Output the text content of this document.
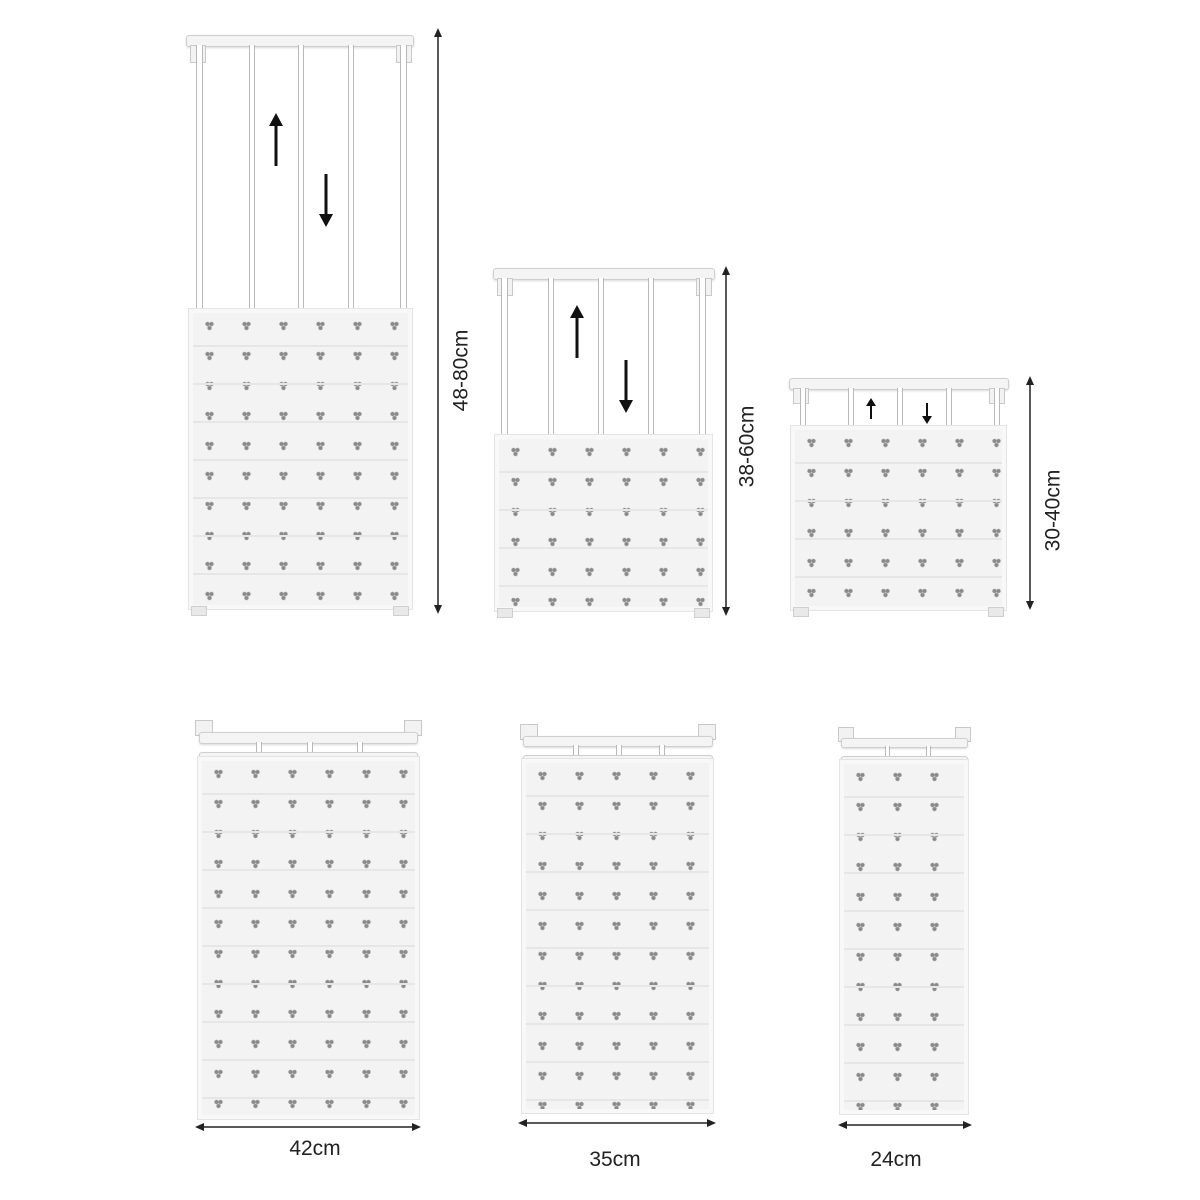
48-80cm
38-60cm
30-40cm
42cm	35cm	24cm
